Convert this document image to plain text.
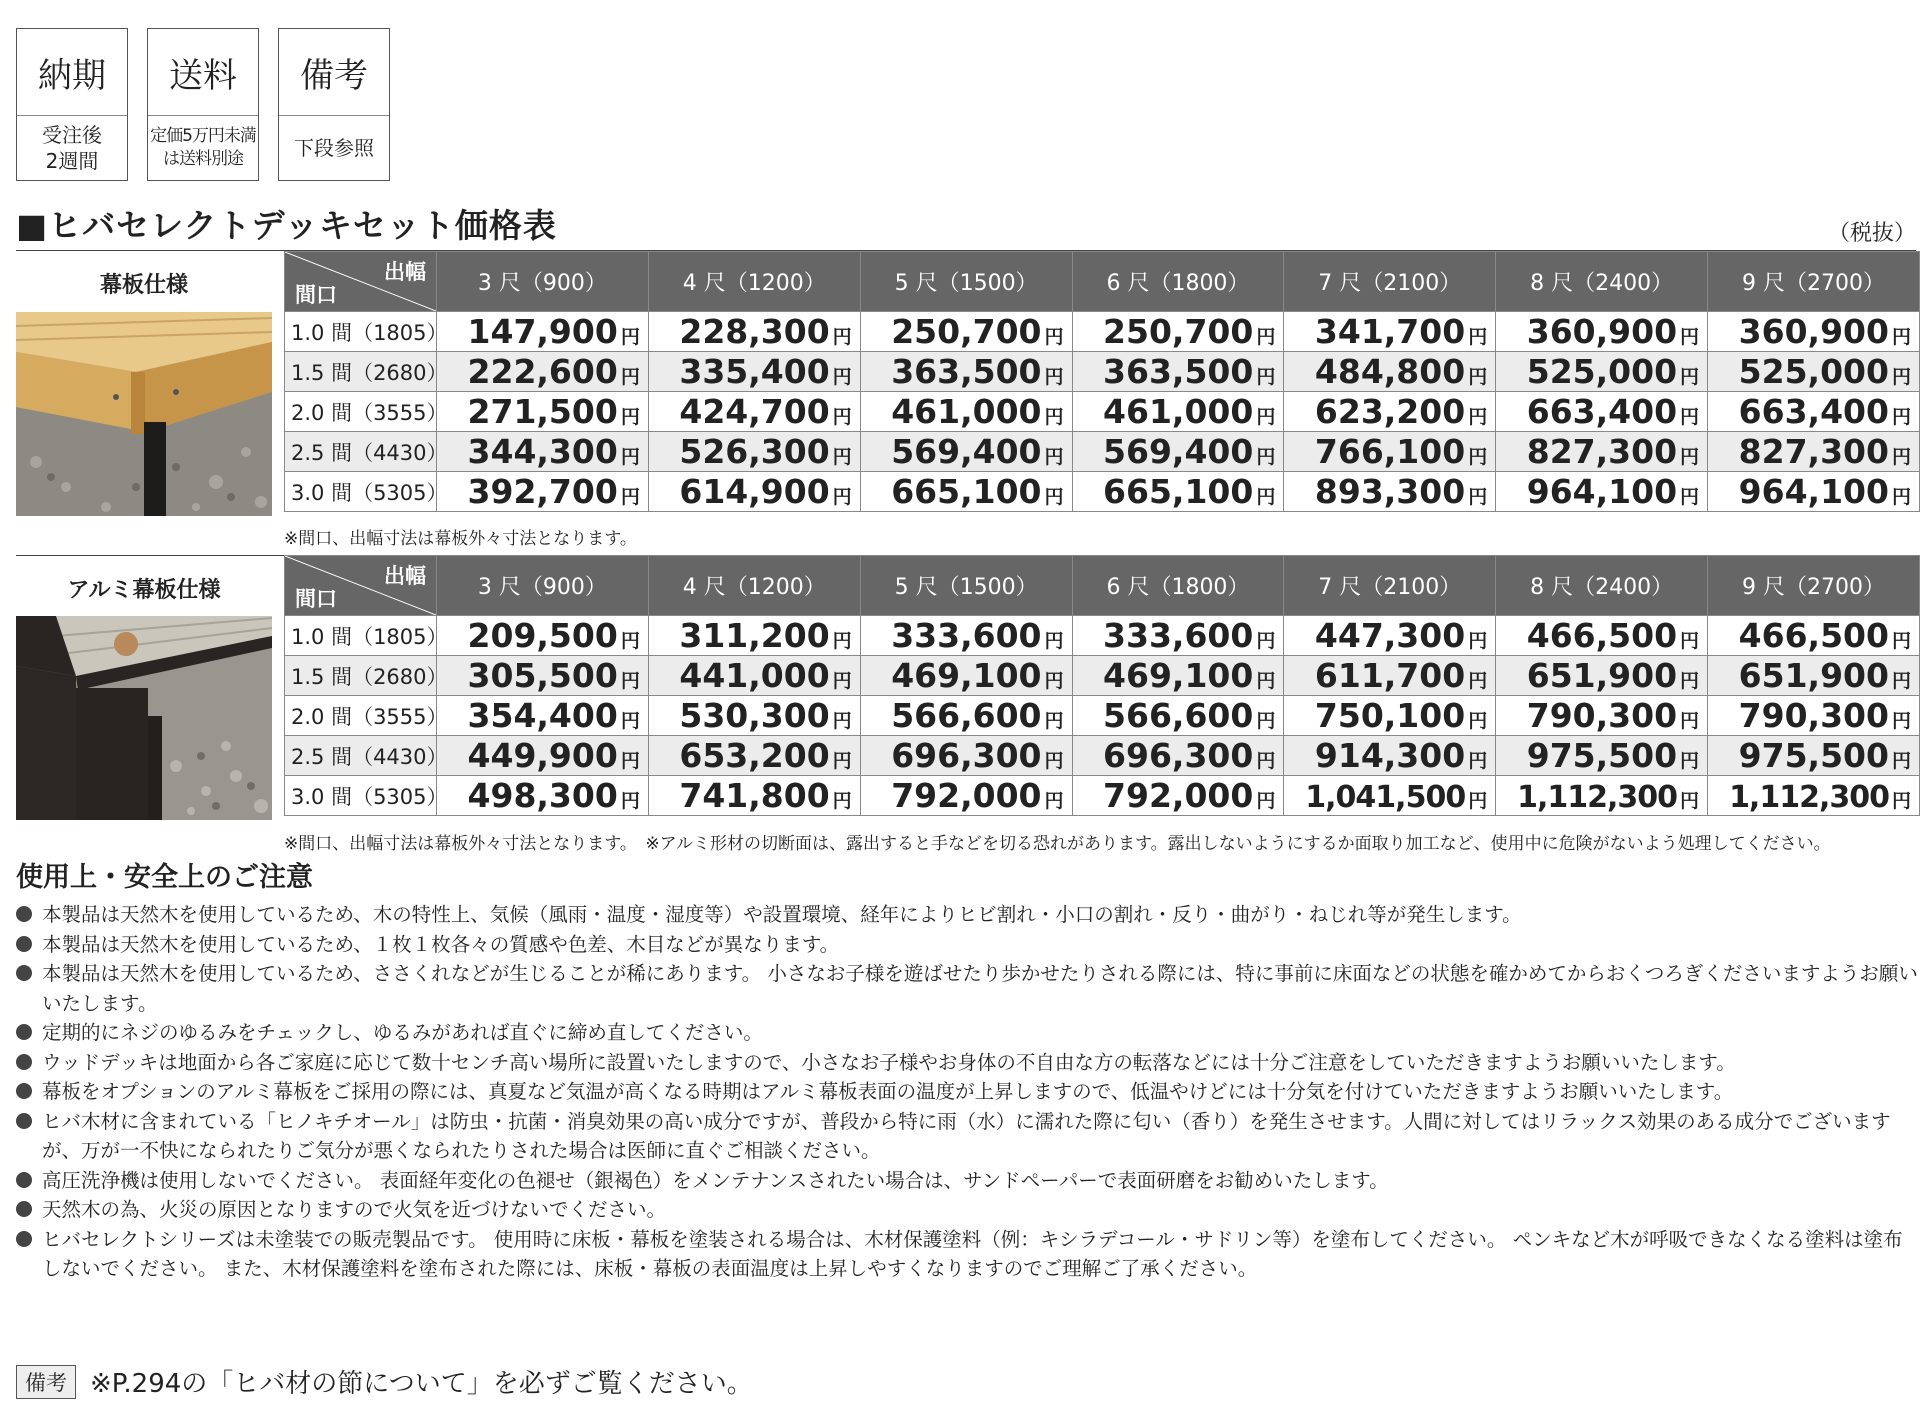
納期
受注後
2週間
送料
定価5万円未満
は送料別途
備考
下段参照
■ヒバセレクトデッキセット価格表	（税抜）
幕板仕様
出幅
間口	3 尺（900）	4 尺（1200）	5 尺（1500）	6 尺（1800）	7 尺（2100）	8 尺（2400）	9 尺（2700）
1.0 間（1805）	147,900 円	228,300 円	250,700 円	250,700 円	341,700 円	360,900 円	360,900 円
1.5 間（2680）	222,600 円	335,400 円	363,500 円	363,500 円	484,800 円	525,000 円	525,000 円
2.0 間（3555）	271,500 円	424,700 円	461,000 円	461,000 円	623,200 円	663,400 円	663,400 円
2.5 間（4430）	344,300 円	526,300 円	569,400 円	569,400 円	766,100 円	827,300 円	827,300 円
3.0 間（5305）	392,700 円	614,900 円	665,100 円	665,100 円	893,300 円	964,100 円	964,100 円
※間口、出幅寸法は幕板外々寸法となります。
アルミ幕板仕様
出幅
間口	3 尺（900）	4 尺（1200）	5 尺（1500）	6 尺（1800）	7 尺（2100）	8 尺（2400）	9 尺（2700）
1.0 間（1805）	209,500 円	311,200 円	333,600 円	333,600 円	447,300 円	466,500 円	466,500 円
1.5 間（2680）	305,500 円	441,000 円	469,100 円	469,100 円	611,700 円	651,900 円	651,900 円
2.0 間（3555）	354,400 円	530,300 円	566,600 円	566,600 円	750,100 円	790,300 円	790,300 円
2.5 間（4430）	449,900 円	653,200 円	696,300 円	696,300 円	914,300 円	975,500 円	975,500 円
3.0 間（5305）	498,300 円	741,800 円	792,000 円	792,000 円	1,041,500 円	1,112,300 円	1,112,300 円
※間口、出幅寸法は幕板外々寸法となります。　※アルミ形材の切断面は、露出すると手などを切る恐れがあります。露出しないようにするか面取り加工など、使用中に危険がないよう処理してください。
使用上・安全上のご注意
本製品は天然木を使用しているため、木の特性上、気候（風雨・温度・湿度等）や設置環境、経年によりヒビ割れ・小口の割れ・反り・曲がり・ねじれ等が発生します。
本製品は天然木を使用しているため、１枚１枚各々の質感や色差、木目などが異なります。
本製品は天然木を使用しているため、ささくれなどが生じることが稀にあります。 小さなお子様を遊ばせたり歩かせたりされる際には、特に事前に床面などの状態を確かめてからおくつろぎくださいますようお願いいたします。
定期的にネジのゆるみをチェックし、ゆるみがあれば直ぐに締め直してください。
ウッドデッキは地面から各ご家庭に応じて数十センチ高い場所に設置いたしますので、小さなお子様やお身体の不自由な方の転落などには十分ご注意をしていただきますようお願いいたします。
幕板をオプションのアルミ幕板をご採用の際には、真夏など気温が高くなる時期はアルミ幕板表面の温度が上昇しますので、低温やけどには十分気を付けていただきますようお願いいたします。
ヒバ木材に含まれている「ヒノキチオール」は防虫・抗菌・消臭効果の高い成分ですが、普段から特に雨（水）に濡れた際に匂い（香り）を発生させます。人間に対してはリラックス効果のある成分でございますが、万が一不快になられたりご気分が悪くなられたりされた場合は医師に直ぐご相談ください。
高圧洗浄機は使用しないでください。 表面経年変化の色褪せ（銀褐色）をメンテナンスされたい場合は、サンドペーパーで表面研磨をお勧めいたします。
天然木の為、火災の原因となりますので火気を近づけないでください。
ヒバセレクトシリーズは未塗装での販売製品です。 使用時に床板・幕板を塗装される場合は、木材保護塗料（例：キシラデコール・サドリン等）を塗布してください。 ペンキなど木が呼吸できなくなる塗料は塗布しないでください。 また、木材保護塗料を塗布された際には、床板・幕板の表面温度は上昇しやすくなりますのでご理解ご了承ください。
備考 ※P.294の「ヒバ材の節について」を必ずご覧ください。
